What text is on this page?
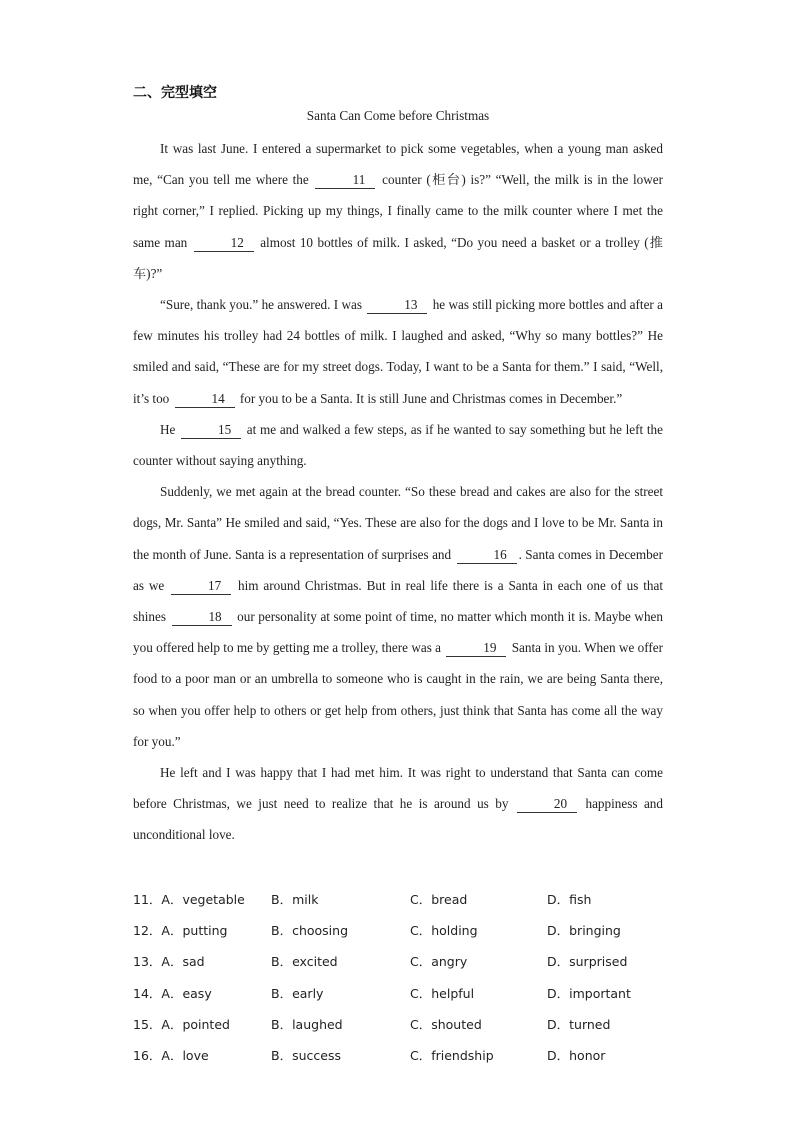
二、完型填空
Santa Can Come before Christmas

It was last June. I entered a supermarket to pick some vegetables, when a young man asked me, “Can you tell me where the	11 counter (柜台) is?” “Well, the milk is in the lower right corner,” I replied. Picking up my things, I finally came to the milk counter where I met the same man	12 almost 10 bottles of milk. I asked, “Do you need a basket or a trolley (推车)?”

“Sure, thank you.” he answered. I was	13 he was still picking more bottles and after a few minutes his trolley had 24 bottles of milk. I laughed and asked, “Why so many bottles?” He smiled and said, “These are for my street dogs. Today, I want to be a Santa for them.” I said, “Well, it’s too	14 for you to be a Santa. It is still June and Christmas comes in December.”

He	15 at me and walked a few steps, as if he wanted to say something but he left the counter without saying anything.

Suddenly, we met again at the bread counter. “So these bread and cakes are also for the street dogs, Mr. Santa” He smiled and said, “Yes. These are also for the dogs and I love to be Mr. Santa in the month of June. Santa is a representation of surprises and	16 . Santa comes in December as we	17 him around Christmas. But in real life there is a Santa in each one of us that shines	18 our personality at some point of time, no matter which month it is. Maybe when you offered help to me by getting me a trolley, there was a	19 Santa in you. When we offer food to a poor man or an umbrella to someone who is caught in the rain, we are being Santa there, so when you offer help to others or get help from others, just think that Santa has come all the way for you.”

He left and I was happy that I had met him. It was right to understand that Santa can come before Christmas, we just need to realize that he is around us by	20 happiness and unconditional love.

11．A．vegetable B．milk	C．bread	D．fish
12．A．putting	B．choosing	C．holding	D．bringing
13．A．sad	B．excited	C．angry	D．surprised
14．A．easy	B．early	C．helpful	D．important
15．A．pointed	B．laughed	C．shouted	D．turned
16．A．love	B．success	C．friendship	D．honor
